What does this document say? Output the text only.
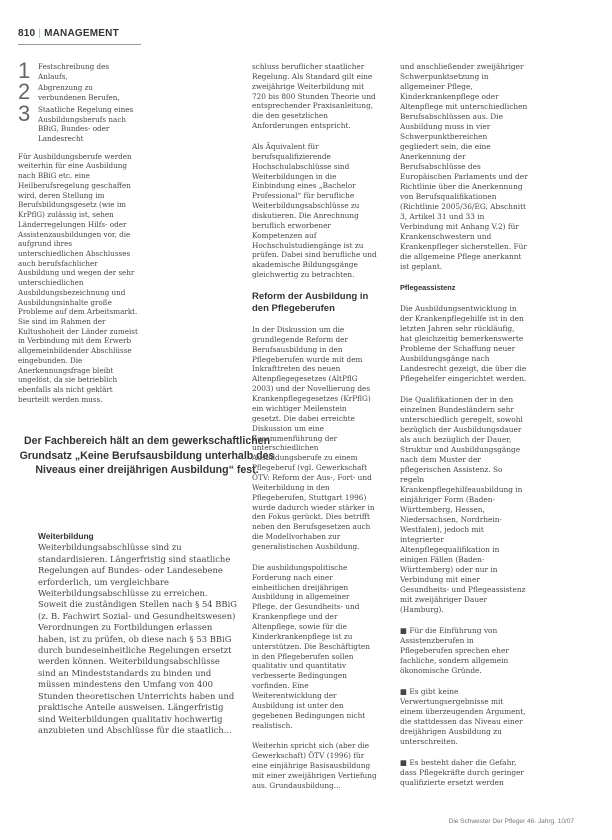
810 | MANAGEMENT
1	Festschreibung des Anlaufs,
2	Abgrenzung zu verbundenen Berufen,
3	Staatliche Regelung eines Ausbildungsberufs nach BBiG, Bundes- oder Landesrecht

Für Ausbildungsberufe werden weiterhin für eine Ausbildung nach BBiG etc. eine Heilberufsregelung geschaffen wird, deren Stellung im Berufsbildungsgesetz (wie im KrPflG) zulässig ist, sehen Länderregelungen Hilfs- oder Assistenzausbildungen vor, die aufgrund ihres unterschiedlichen Abschlusses auch berufsfachlicher Ausbildung und wegen der sehr unterschiedlichen Ausbildungsbezeichnung und Ausbildungsinhalte große Probleme auf dem Arbeitsmarkt. Sie sind im Rahmen der Kultushoheit der Länder zumeist in Verbindung mit dem Erwerb allgemeinbildender Abschlüsse eingebunden. Die Anerkennungsfrage bleibt ungelöst, da sie betrieblich ebenfalls als nicht geklärt beurteilt werden muss.

Der Fachbereich hält an dem gewerkschaftlichen Grundsatz „Keine Berufsausbildung unterhalb des Niveaus einer dreijährigen Ausbildung“ fest.

Weiterbildung

Weiterbildungsabschlüsse sind zu standardisieren. Längerfristig sind staatliche Regelungen auf Bundes- oder Landesebene erforderlich, um vergleichbare Weiterbildungsabschlüsse zu erreichen. Soweit die zuständigen Stellen nach § 54 BBiG (z. B. Fachwirt Sozial- und Gesundheitswesen) Verordnungen zu Fortbildungen erlassen haben, ist zu prüfen, ob diese nach § 53 BBiG durch bundeseinheitliche Regelungen ersetzt werden können. Weiterbildungsabschlüsse sind an Mindeststandards zu binden und müssen mindestens den Umfang von 400 Stunden theoretischen Unterrichts haben und praktische Anteile ausweisen. Längerfristig sind Weiterbildungen qualitativ hochwertig anzubieten und Abschlüsse für die staatlich...

schluss beruflicher staatlicher Regelung. Als Standard gilt eine zweijährige Weiterbildung mit 720 bis 800 Stunden Theorie und entsprechender Praxisanleitung, die den gesetzlichen Anforderungen entspricht.

Als Äquivalent für berufsqualifizierende Hochschulabschlüsse sind Weiterbildungen in die Einbindung eines „Bachelor Professional“ für berufliche Weiterbildungsabschlüsse zu diskutieren. Die Anrechnung beruflich erworbener Kompetenzen auf Hochschulstudiengänge ist zu prüfen. Dabei sind berufliche und akademische Bildungsgänge gleichwertig zu betrachten.

Reform der Ausbildung in den Pflegeberufen

In der Diskussion um die grundlegende Reform der Berufsausbildung in den Pflegeberufen wurde mit dem Inkrafttreten des neuen Altenpflegegesetzes (AltPflG 2003) und der Novellierung des Krankenpflegegesetzes (KrPflG) ein wichtiger Meilenstein gesetzt. Die dabei erreichte Diskussion um eine Zusammenführung der unterschiedlichen Ausbildungsberufe zu einem Pflegeberuf (vgl. Gewerkschaft ÖTV: Reform der Aus-, Fort- und Weiterbildung in den Pflegeberufen, Stuttgart 1996) wurde dadurch wieder stärker in den Fokus gerückt. Dies betrifft neben den Berufsgesetzen auch die Modellvorhaben zur generalistischen Ausbildung.

Die ausbildungspolitische Forderung nach einer einheitlichen dreijährigen Ausbildung in allgemeiner Pflege, der Gesundheits- und Krankenpflege und der Altenpflege, sowie für die Kinderkrankenpflege ist zu unterstützen. Die Beschäftigten in den Pflegeberufen sollen qualitativ und quantitativ verbesserte Bedingungen vorfinden. Eine Weiterentwicklung der Ausbildung ist unter den gegebenen Bedingungen nicht realistisch.

Weiterhin spricht sich (aber die Gewerkschaft) ÖTV (1996) für eine einjährige Basisausbildung mit einer zweijährigen Vertiefung aus. Grundausbildung...

und anschließender zweijähriger Schwerpunktsetzung in allgemeiner Pflege, Kinderkrankenpflege oder Altenpflege mit unterschiedlichen Berufsabschlüssen aus. Die Ausbildung muss in vier Schwerpunktbereichen gegliedert sein, die eine Anerkennung der Berufsabschlüsse des Europäischen Parlaments und der Richtlinie über die Anerkennung von Berufsqualifikationen (Richtlinie 2005/36/EG, Abschnitt 3, Artikel 31 und 33 in Verbindung mit Anhang V.2) für Krankenschwestern und Krankenpfleger sicherstellen. Für die allgemeine Pflege anerkannt ist geplant.

Pflegeassistenz

Die Ausbildungsentwicklung in der Krankenpflegehilfe ist in den letzten Jahren sehr rückläufig, hat gleichzeitig bemerkenswerte Probleme der Schaffung neuer Ausbildungsgänge nach Landesrecht gezeigt, die über die Pflegehelfer eingerichtet werden.

Die Qualifikationen der in den einzelnen Bundesländern sehr unterschiedlich geregelt, sowohl bezüglich der Ausbildungsdauer als auch bezüglich der Dauer, Struktur und Ausbildungsgänge nach dem Muster der pflegerischen Assistenz. So regeln Krankenpflegehilfeausbildung in einjähriger Form (Baden-Württemberg, Hessen, Niedersachsen, Nordrhein-Westfalen), jedoch mit integrierter Altenpflegequalifikation in einigen Fällen (Baden-Württemberg) oder nur in Verbindung mit einer Gesundheits- und Pflegeassistenz mit zweijähriger Dauer (Hamburg).

■ Für die Einführung von Assistenzberufen in Pflegeberufen sprechen eher fachliche, sondern allgemein ökonomische Gründe.

■ Es gibt keine Verwertungsergebnisse mit einem überzeugenden Argument, die stattdessen das Niveau einer dreijährigen Ausbildung zu unterschreiten.

■ Es besteht daher die Gefahr, dass Pflegekräfte durch geringer qualifizierte ersetzt werden

Die Schwester Der Pfleger 46. Jahrg. 10/07
